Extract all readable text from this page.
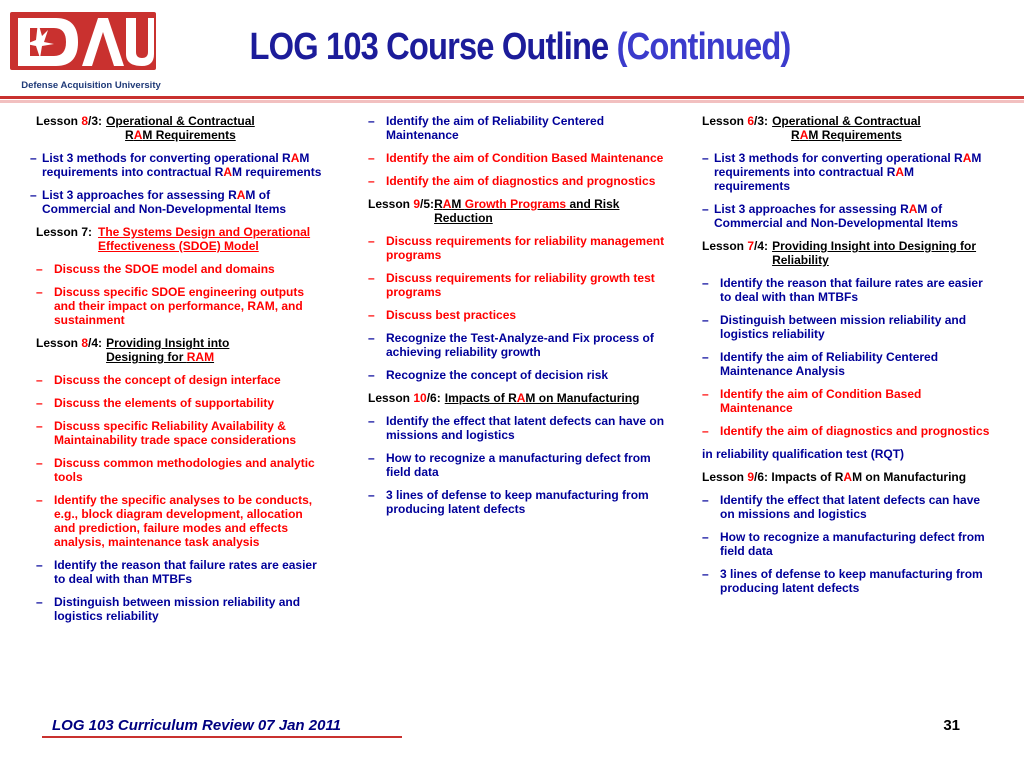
Defense Acquisition University
LOG 103 Course Outline (Continued)
Lesson 8/3: Operational & Contractual
RAM Requirements
– List 3 methods for converting operational RAM requirements into contractual RAM requirements
– List 3 approaches for assessing RAM of Commercial and Non-Developmental Items
Lesson 7: The Systems Design and Operational Effectiveness (SDOE) Model
– Discuss the SDOE model and domains
– Discuss specific SDOE engineering outputs and their impact on performance, RAM, and sustainment
Lesson 8/4: Providing Insight into
Designing for RAM
– Discuss the concept of design interface
– Discuss the elements of supportability
– Discuss specific Reliability Availability & Maintainability trade space considerations
– Discuss common methodologies and analytic tools
– Identify the specific analyses to be conducts, e.g., block diagram development, allocation and prediction, failure modes and effects analysis, maintenance task analysis
– Identify the reason that failure rates are easier to deal with than MTBFs
– Distinguish between mission reliability and logistics reliability
– Identify the aim of Reliability Centered Maintenance
– Identify the aim of Condition Based Maintenance
– Identify the aim of diagnostics and prognostics
Lesson 9/5: RAM Growth Programs and Risk Reduction
– Discuss requirements for reliability management programs
– Discuss requirements for reliability growth test programs
– Discuss best practices
– Recognize the Test-Analyze-and Fix process of achieving reliability growth
– Recognize the concept of decision risk
Lesson 10/6: Impacts of RAM on Manufacturing
– Identify the effect that latent defects can have on missions and logistics
– How to recognize a manufacturing defect from field data
– 3 lines of defense to keep manufacturing from producing latent defects
Lesson 6/3: Operational & Contractual
RAM Requirements
– List 3 methods for converting operational RAM requirements into contractual RAM requirements
– List 3 approaches for assessing RAM of Commercial and Non-Developmental Items
Lesson 7/4: Providing Insight into Designing for Reliability
– Identify the reason that failure rates are easier to deal with than MTBFs
– Distinguish between mission reliability and logistics reliability
– Identify the aim of Reliability Centered Maintenance Analysis
– Identify the aim of Condition Based Maintenance
– Identify the aim of diagnostics and prognostics
in reliability qualification test (RQT)
Lesson 9 /6: Impacts of RAM on Manufacturing
– Identify the effect that latent defects can have on missions and logistics
– How to recognize a manufacturing defect from field data
– 3 lines of defense to keep manufacturing from producing latent defects
LOG 103 Curriculum Review 07 Jan 2011	31
